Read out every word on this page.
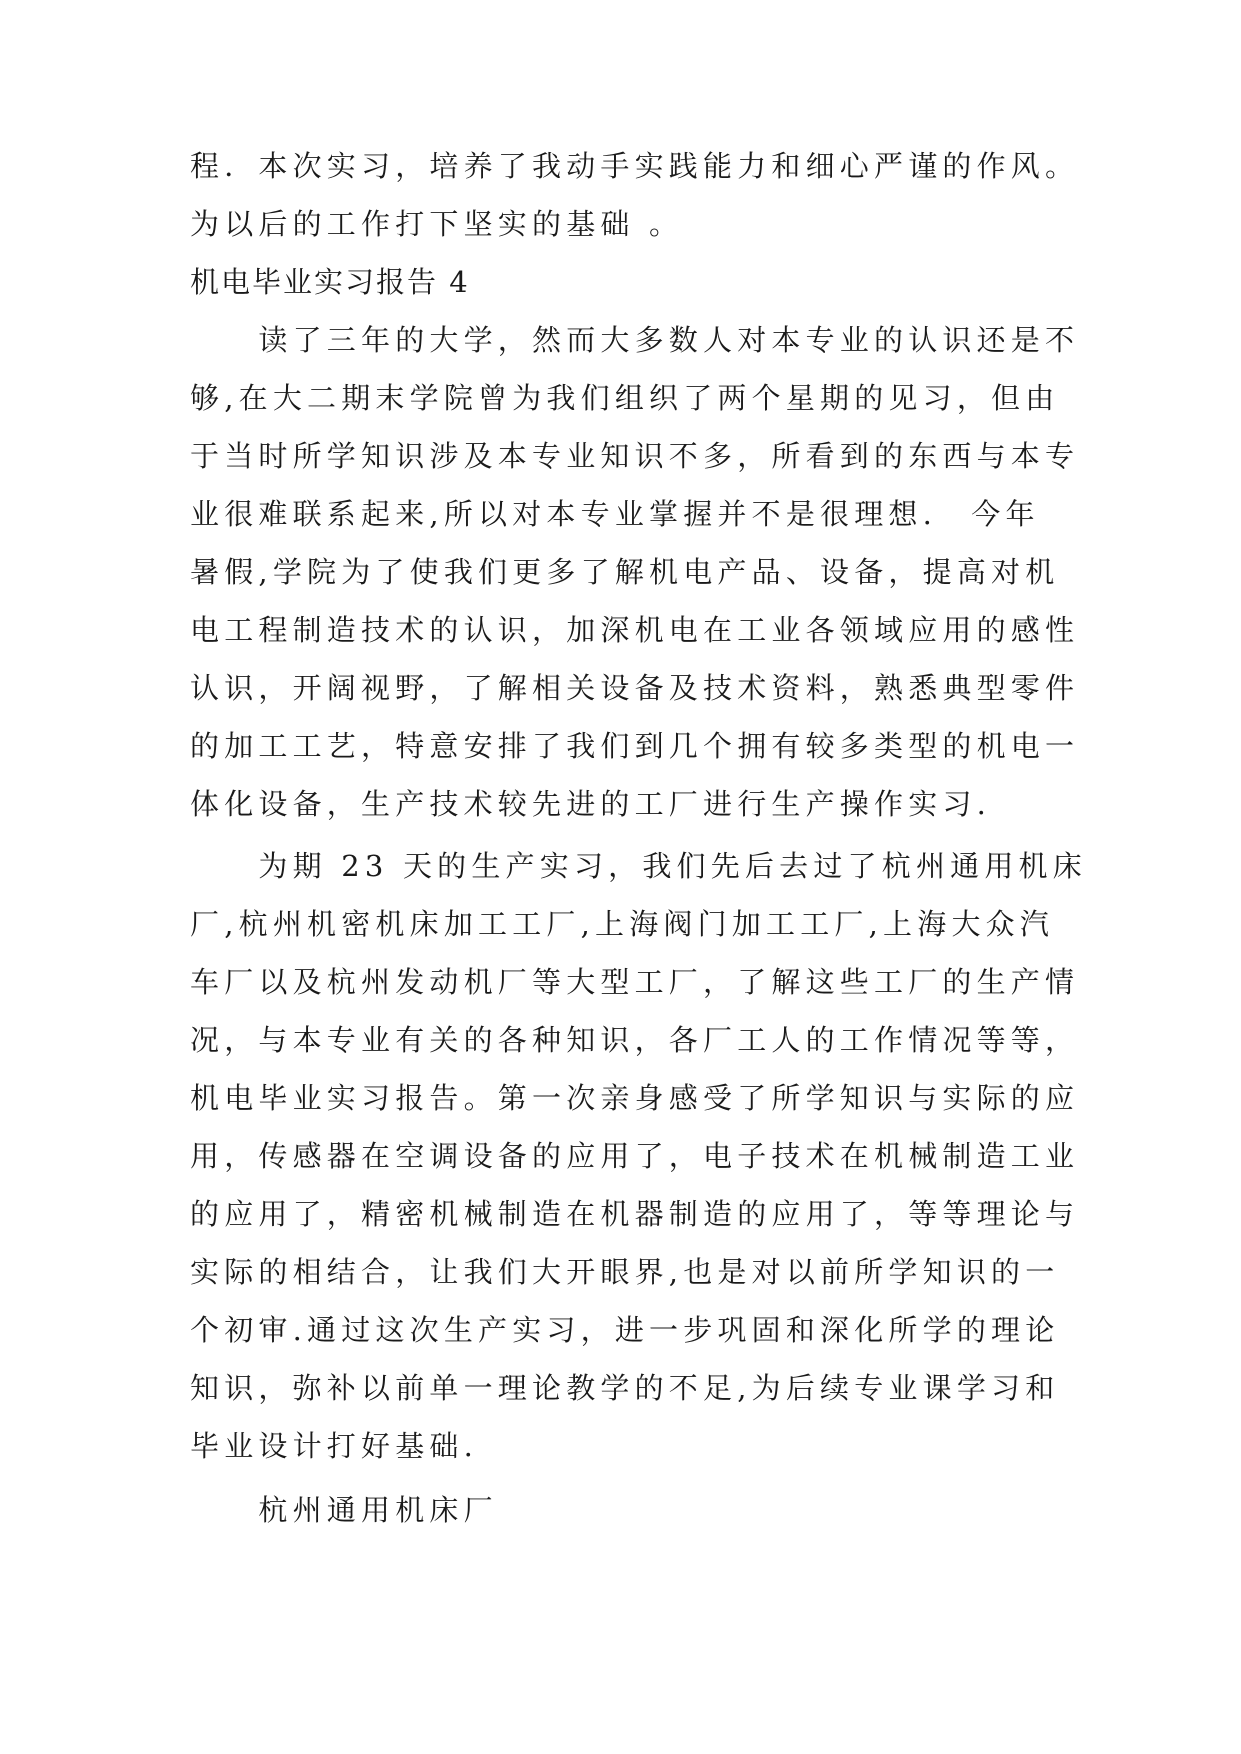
程．本次实习，培养了我动手实践能力和细心严谨的作风。
为以后的工作打下坚实的基础 。
机电毕业实习报告 4
　　读了三年的大学，然而大多数人对本专业的认识还是不
够,在大二期末学院曾为我们组织了两个星期的见习，但由
于当时所学知识涉及本专业知识不多，所看到的东西与本专
业很难联系起来,所以对本专业掌握并不是很理想.　今年
暑假,学院为了使我们更多了解机电产品、设备，提高对机
电工程制造技术的认识，加深机电在工业各领域应用的感性
认识，开阔视野，了解相关设备及技术资料，熟悉典型零件
的加工工艺，特意安排了我们到几个拥有较多类型的机电一
体化设备，生产技术较先进的工厂进行生产操作实习.
　　为期 23 天的生产实习，我们先后去过了杭州通用机床
厂,杭州机密机床加工工厂,上海阀门加工工厂,上海大众汽
车厂以及杭州发动机厂等大型工厂，了解这些工厂的生产情
况，与本专业有关的各种知识，各厂工人的工作情况等等，
机电毕业实习报告。第一次亲身感受了所学知识与实际的应
用，传感器在空调设备的应用了，电子技术在机械制造工业
的应用了，精密机械制造在机器制造的应用了，等等理论与
实际的相结合，让我们大开眼界,也是对以前所学知识的一
个初审.通过这次生产实习，进一步巩固和深化所学的理论
知识，弥补以前单一理论教学的不足,为后续专业课学习和
毕业设计打好基础.
　　杭州通用机床厂
